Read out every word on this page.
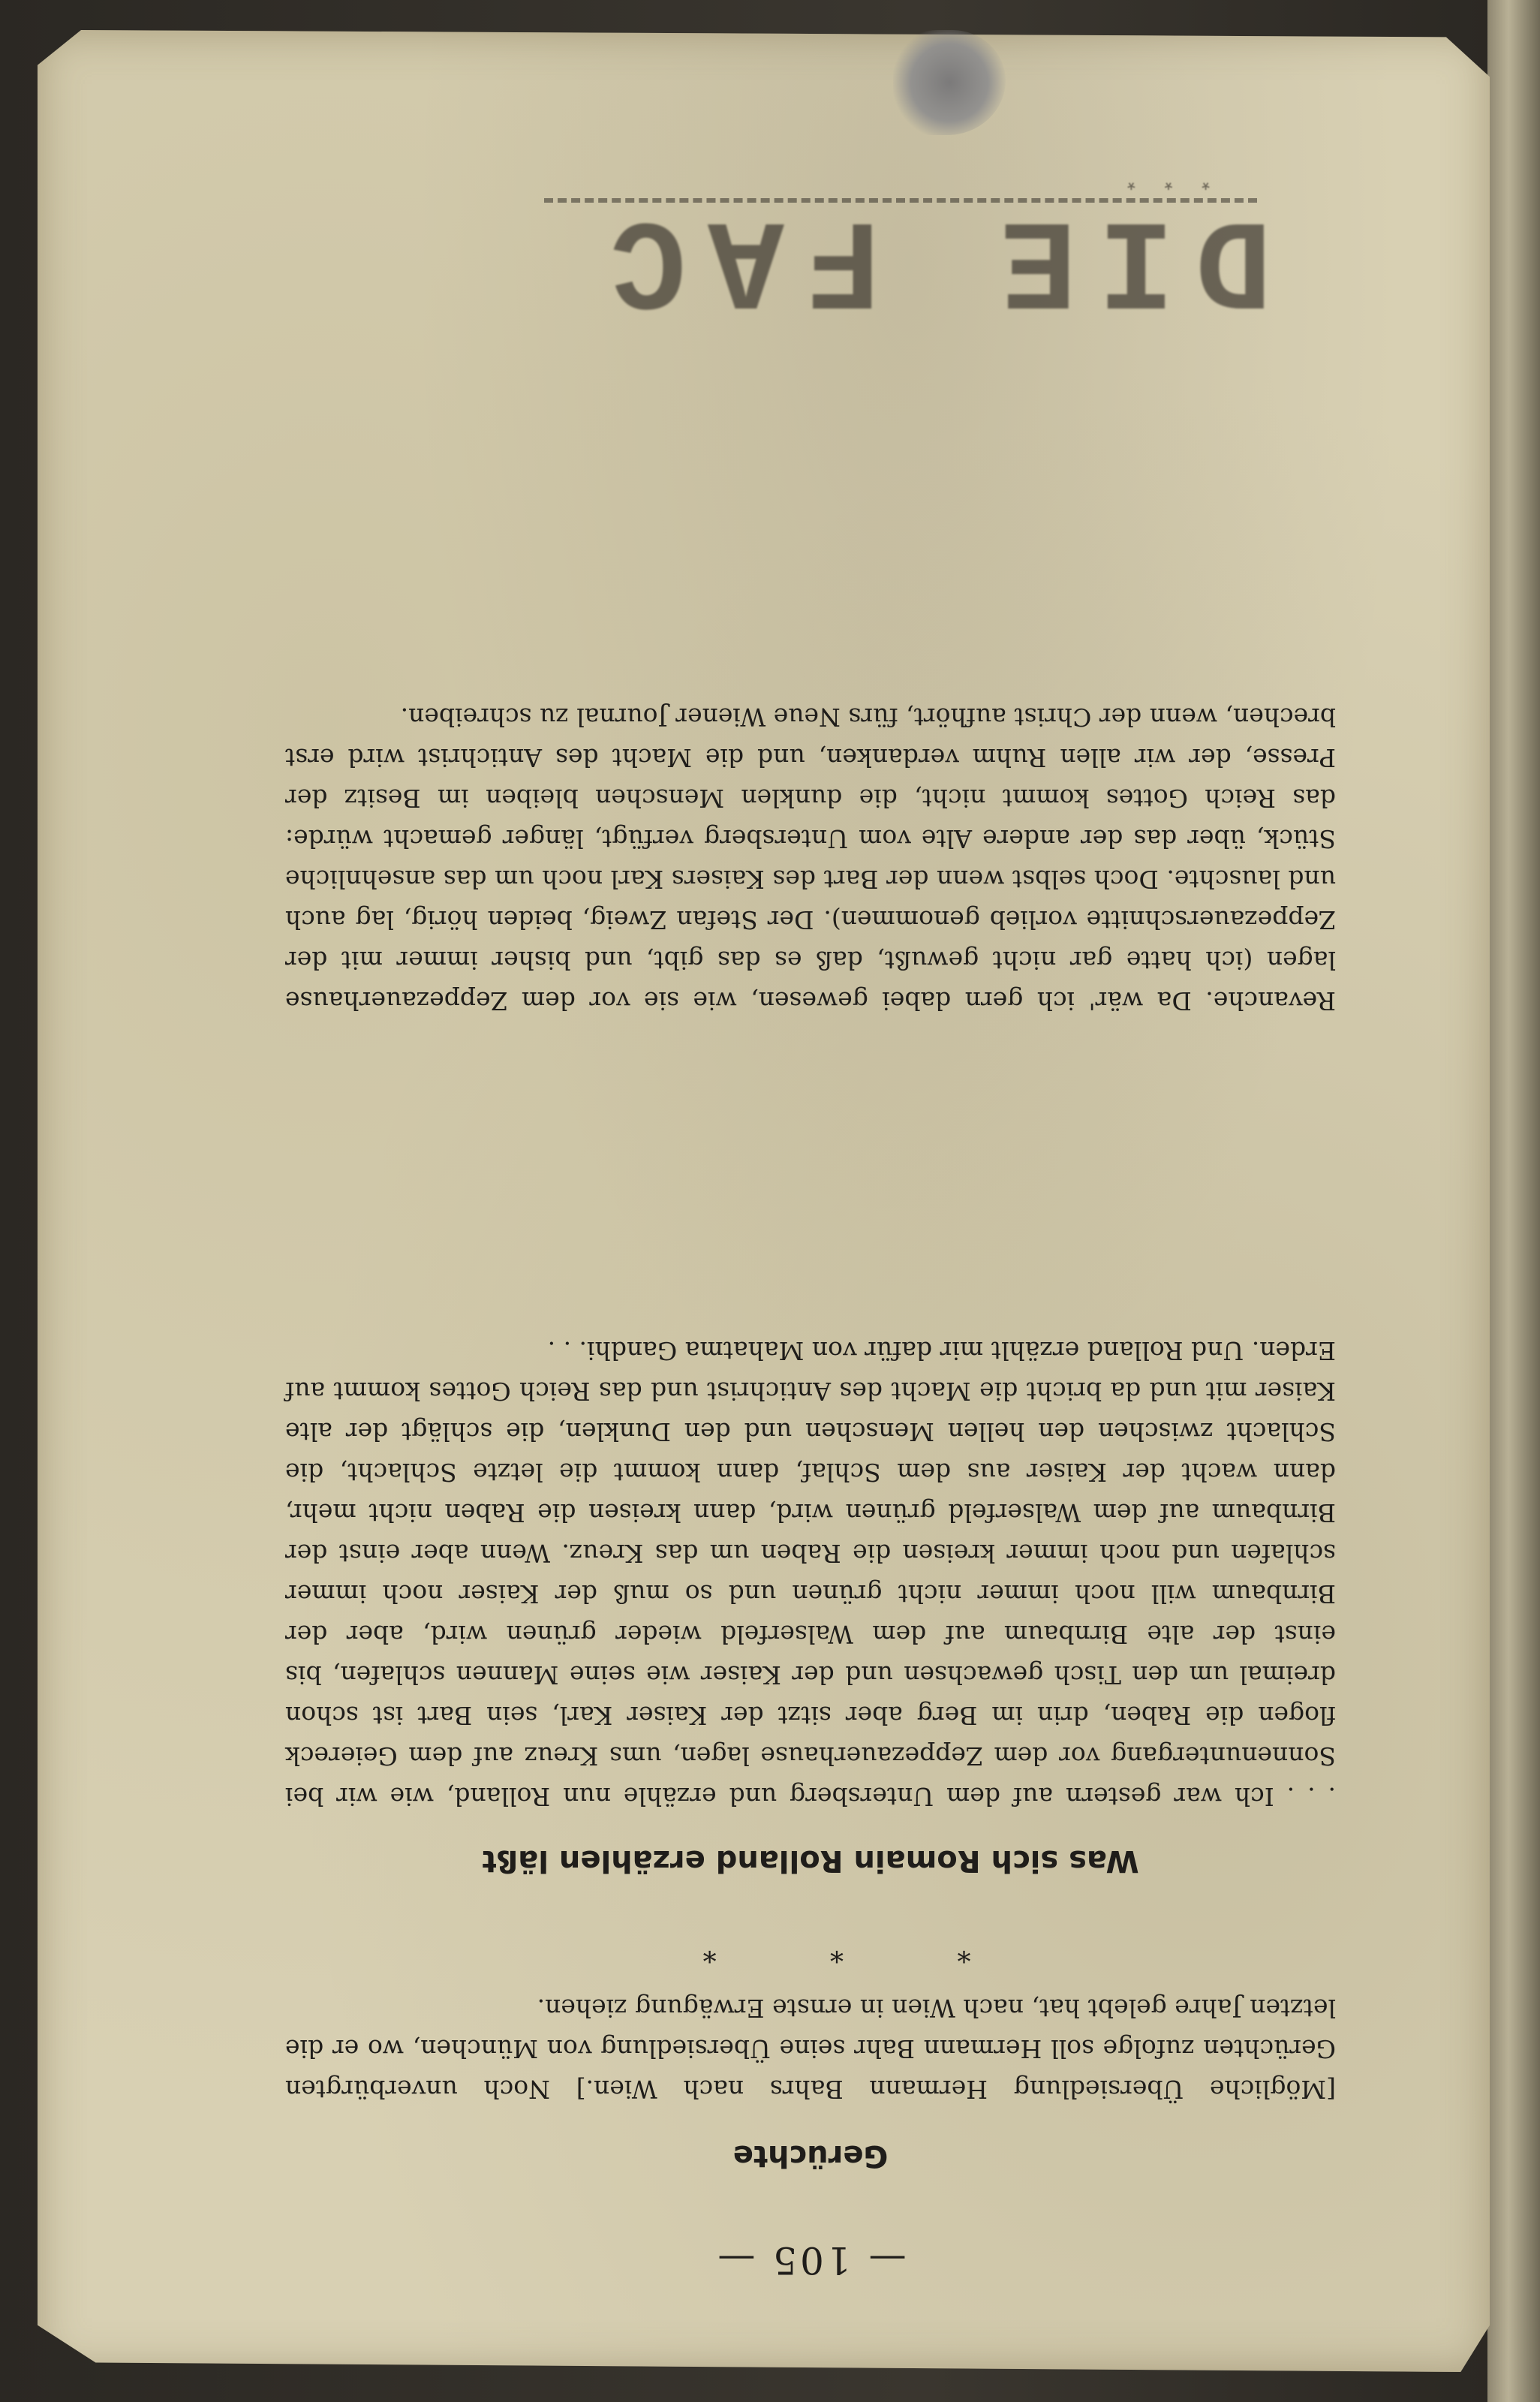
— 105 —
Gerüchte

[Mögliche Übersiedlung Hermann Bahrs nach Wien.] Noch unverbürgten Gerüchten zufolge soll Hermann Bahr seine Übersiedlung von München, wo er die letzten Jahre gelebt hat, nach Wien in ernste Erwägung ziehen.

* * *
Was sich Romain Rolland erzählen läßt

. . . Ich war gestern auf dem Untersberg und erzähle nun Rolland, wie wir bei Sonnenuntergang vor dem Zeppezauerhause lagen, ums Kreuz auf dem Geiereck flogen die Raben, drin im Berg aber sitzt der Kaiser Karl, sein Bart ist schon dreimal um den Tisch gewachsen und der Kaiser wie seine Mannen schlafen, bis einst der alte Birnbaum auf dem Walserfeld wieder grünen wird, aber der Birnbaum will noch immer nicht grünen und so muß der Kaiser noch immer schlafen und noch immer kreisen die Raben um das Kreuz. Wenn aber einst der Birnbaum auf dem Walserfeld grünen wird, dann kreisen die Raben nicht mehr, dann wacht der Kaiser aus dem Schlaf, dann kommt die letzte Schlacht, die Schlacht zwischen den hellen Menschen und den Dunklen, die schlägt der alte Kaiser mit und da bricht die Macht des Antichrist und das Reich Gottes kommt auf Erden. Und Rolland erzählt mir dafür von Mahatma Gandhi. . .

Revanche. Da wär' ich gern dabei gewesen, wie sie vor dem Zeppezauerhause lagen (ich hatte gar nicht gewußt, daß es das gibt, und bisher immer mit der Zeppezauerschnitte vorlieb genommen). Der Stefan Zweig, beiden hörig, lag auch und lauschte. Doch selbst wenn der Bart des Kaisers Karl noch um das ansehnliche Stück, über das der andere Alte vom Untersberg verfügt, länger gemacht würde: das Reich Gottes kommt nicht, die dunklen Menschen bleiben im Besitz der Presse, der wir allen Ruhm verdanken, und die Macht des Antichrist wird erst brechen, wenn der Christ aufhört, fürs Neue Wiener Journal zu schreiben.

DIE FAC
* * *
